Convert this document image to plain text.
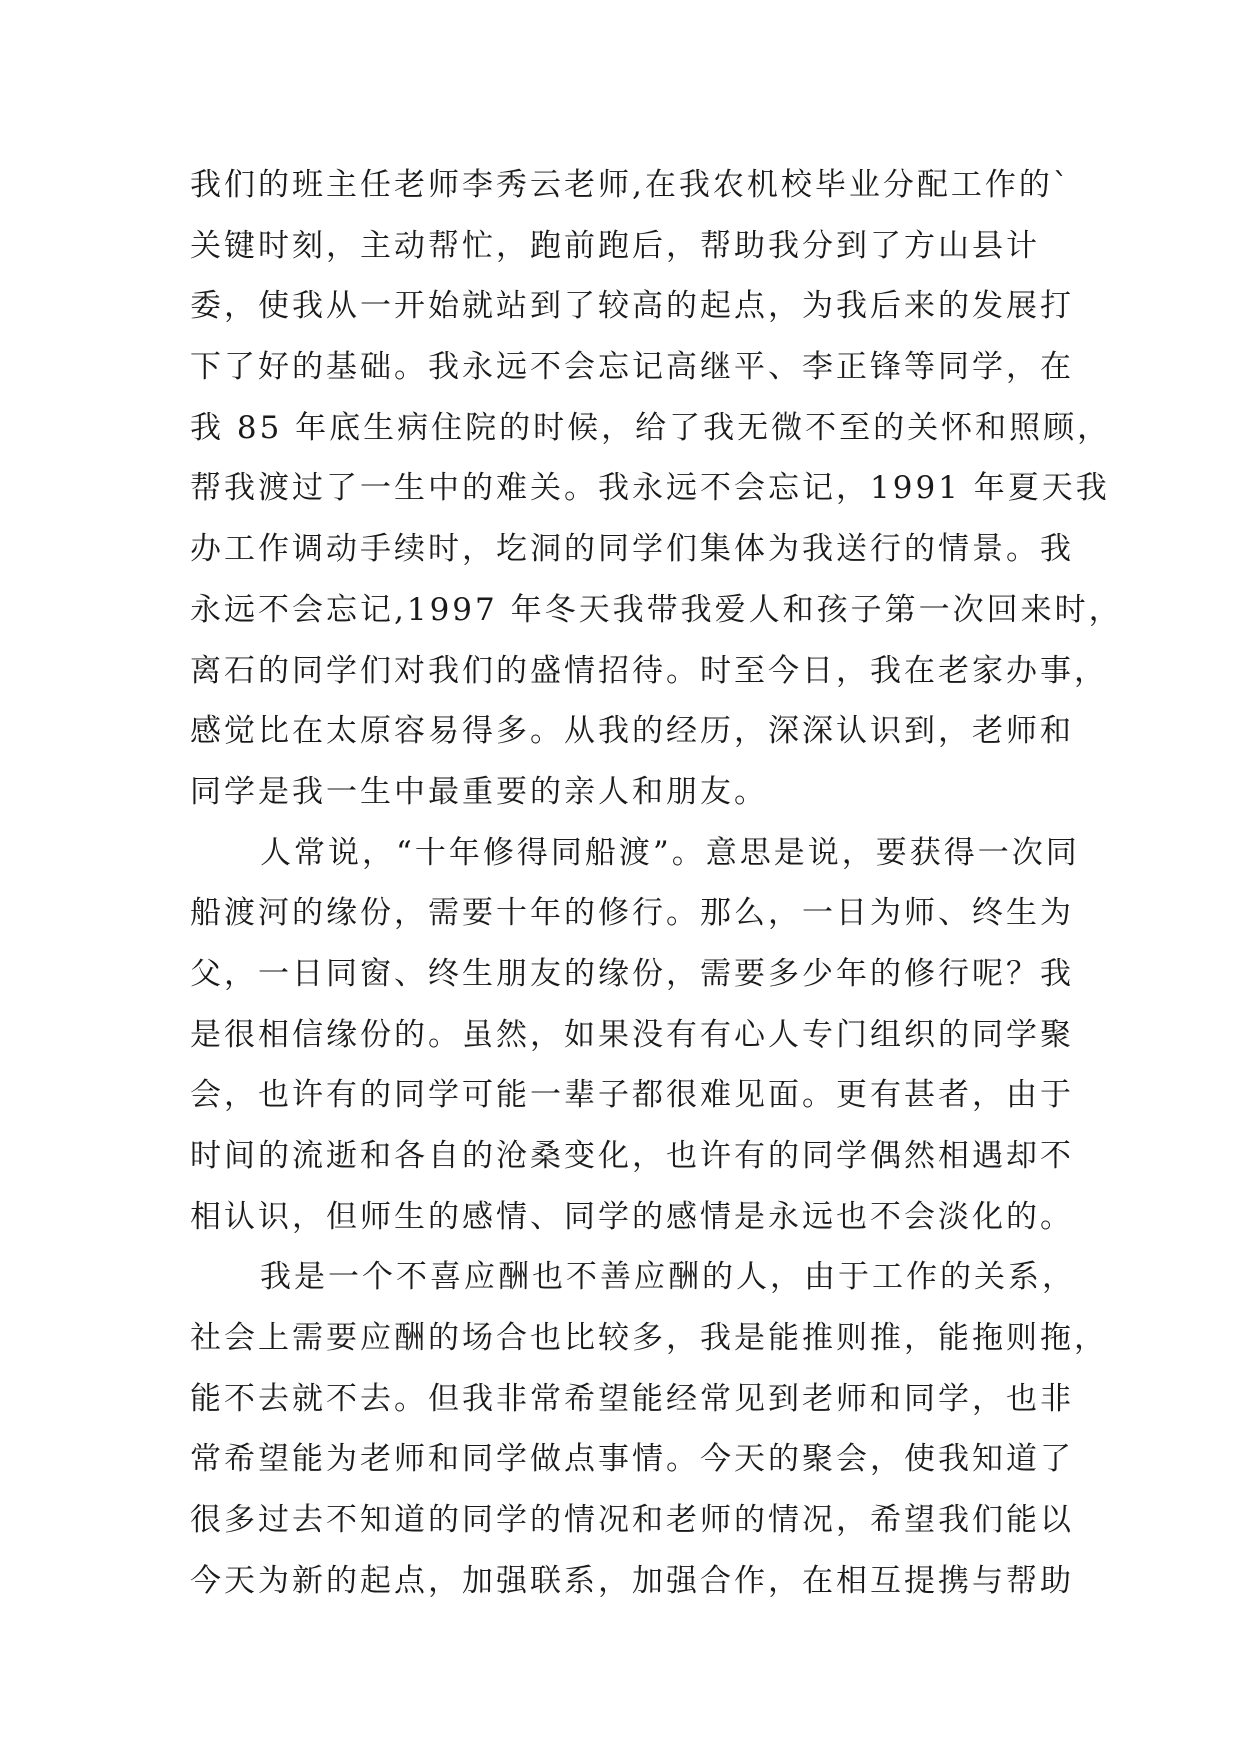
我们的班主任老师李秀云老师,在我农机校毕业分配工作的`
关键时刻，主动帮忙，跑前跑后，帮助我分到了方山县计
委，使我从一开始就站到了较高的起点，为我后来的发展打
下了好的基础。我永远不会忘记高继平、李正锋等同学，在
我 85 年底生病住院的时候，给了我无微不至的关怀和照顾，
帮我渡过了一生中的难关。我永远不会忘记，1991 年夏天我
办工作调动手续时，圪洞的同学们集体为我送行的情景。我
永远不会忘记,1997 年冬天我带我爱人和孩子第一次回来时，
离石的同学们对我们的盛情招待。时至今日，我在老家办事，
感觉比在太原容易得多。从我的经历，深深认识到，老师和
同学是我一生中最重要的亲人和朋友。
人常说，“十年修得同船渡”。意思是说，要获得一次同
船渡河的缘份，需要十年的修行。那么，一日为师、终生为
父，一日同窗、终生朋友的缘份，需要多少年的修行呢？我
是很相信缘份的。虽然，如果没有有心人专门组织的同学聚
会，也许有的同学可能一辈子都很难见面。更有甚者，由于
时间的流逝和各自的沧桑变化，也许有的同学偶然相遇却不
相认识，但师生的感情、同学的感情是永远也不会淡化的。
我是一个不喜应酬也不善应酬的人，由于工作的关系，
社会上需要应酬的场合也比较多，我是能推则推，能拖则拖，
能不去就不去。但我非常希望能经常见到老师和同学，也非
常希望能为老师和同学做点事情。今天的聚会，使我知道了
很多过去不知道的同学的情况和老师的情况，希望我们能以
今天为新的起点，加强联系，加强合作，在相互提携与帮助
